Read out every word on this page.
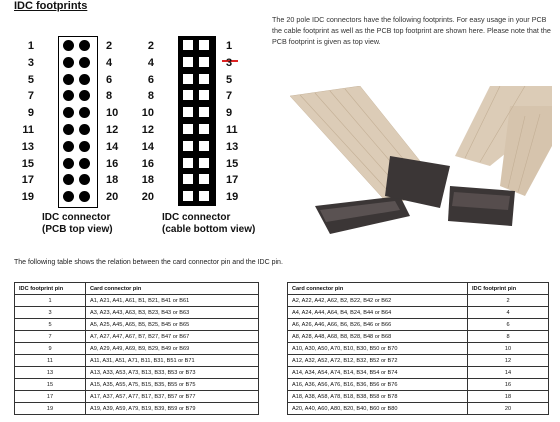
IDC footprints
IDC connector
(PCB top view)
IDC connector
(cable bottom view)
The 20 pole IDC connectors have the following footprints. For easy usage in your PCB the cable footprint as well as the PCB top footprint are shown here. Please note that the PCB footprint is given as top view.
The following table shows the relation between the card connector pin and the IDC pin.
IDC footprint pin	Card connector pin
1	A1, A21, A41, A61, B1, B21, B41 or B61
3	A3, A23, A43, A63, B3, B23, B43 or B63
5	A5, A25, A45, A65, B5, B25, B45 or B65
7	A7, A27, A47, A67, B7, B27, B47 or B67
9	A9, A29, A49, A69, B9, B29, B49 or B69
11	A11, A31, A51, A71, B11, B31, B51 or B71
13	A13, A33, A53, A73, B13, B33, B53 or B73
15	A15, A35, A55, A75, B15, B35, B55 or B75
17	A17, A37, A57, A77, B17, B37, B57 or B77
19	A19, A39, A59, A79, B19, B39, B59 or B79
Card connector pin	IDC footprint pin
A2, A22, A42, A62, B2, B22, B42 or B62	2
A4, A24, A44, A64, B4, B24, B44 or B64	4
A6, A26, A46, A66, B6, B26, B46 or B66	6
A8, A28, A48, A68, B8, B28, B48 or B68	8
A10, A30, A50, A70, B10, B30, B50 or B70	10
A12, A32, A52, A72, B12, B32, B52 or B72	12
A14, A34, A54, A74, B14, B34, B54 or B74	14
A16, A36, A56, A76, B16, B36, B56 or B76	16
A18, A38, A58, A78, B18, B38, B58 or B78	18
A20, A40, A60, A80, B20, B40, B60 or B80	20
1
3
5
7
9
11
13
15
17
19
2
4
6
8
10
12
14
16
18
20
2
4
6
8
10
12
14
16
18
20
1
3
5
7
9
11
13
15
17
19
